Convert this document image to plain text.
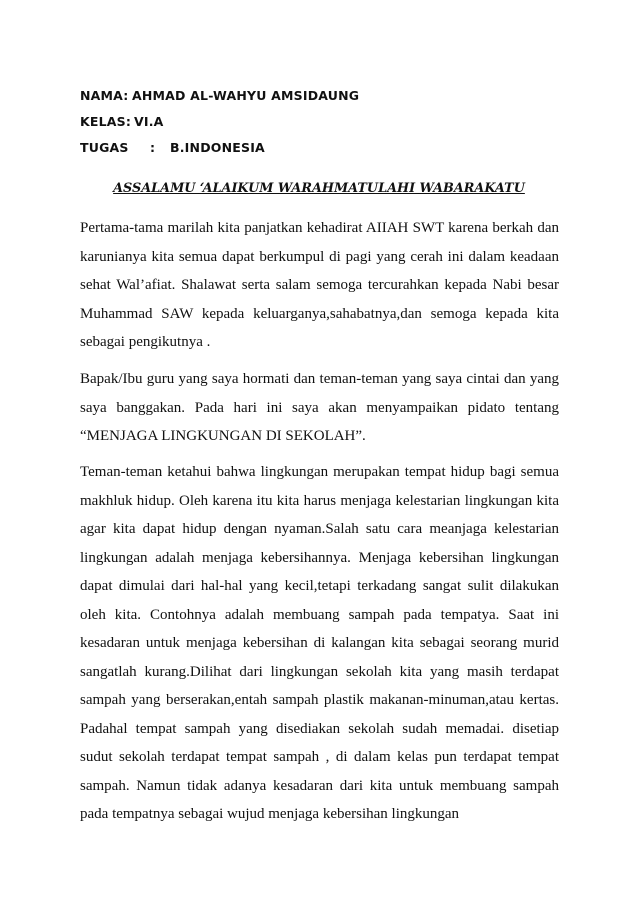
NAMA: AHMAD AL-WAHYU AMSIDAUNG
KELAS: VI.A
TUGAS	:	B.INDONESIA
ASSALAMU ‘ALAIKUM WARAHMATULAHI WABARAKATU
Pertama-tama marilah kita panjatkan kehadirat AIIAH SWT karena berkah dan karunianya kita semua dapat berkumpul di pagi yang cerah ini dalam keadaan sehat Wal’afiat. Shalawat serta salam semoga tercurahkan kepada Nabi besar Muhammad SAW kepada keluarganya,sahabatnya,dan semoga kepada kita sebagai pengikutnya .
Bapak/Ibu guru yang saya hormati dan teman-teman yang saya cintai dan yang saya banggakan. Pada hari ini saya akan menyampaikan pidato tentang “MENJAGA LINGKUNGAN DI SEKOLAH”.
Teman-teman ketahui bahwa lingkungan merupakan tempat hidup bagi semua makhluk hidup. Oleh karena itu kita harus menjaga kelestarian lingkungan kita agar kita dapat hidup dengan nyaman.Salah satu cara meanjaga kelestarian lingkungan adalah menjaga kebersihannya. Menjaga kebersihan lingkungan dapat dimulai dari hal-hal yang kecil,tetapi terkadang sangat sulit dilakukan oleh kita. Contohnya adalah membuang sampah pada tempatya. Saat ini kesadaran untuk menjaga kebersihan di kalangan kita sebagai seorang murid sangatlah kurang.Dilihat dari lingkungan sekolah kita yang masih terdapat sampah yang berserakan,entah sampah plastik makanan-minuman,atau kertas. Padahal tempat sampah yang disediakan sekolah sudah memadai. disetiap sudut sekolah terdapat tempat sampah , di dalam kelas pun terdapat tempat sampah. Namun tidak adanya kesadaran dari kita untuk membuang sampah pada tempatnya sebagai wujud menjaga kebersihan lingkungan
